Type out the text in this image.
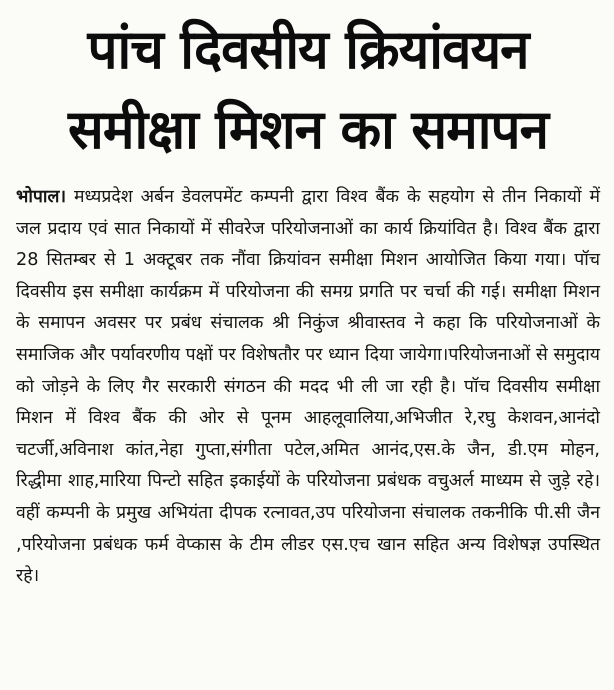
पांच दिवसीय क्रियांवयन
समीक्षा मिशन का समापन

भोपाल। मध्यप्रदेश अर्बन डेवलपमेंट कम्पनी द्वारा विश्व बैंक के सहयोग से तीन निकायों में जल प्रदाय एवं सात निकायों में सीवरेज परियोजनाओं का कार्य क्रियांवित है। विश्व बैंक द्वारा 28 सितम्बर से 1 अक्टूबर तक नौंवा क्रियांवन समीक्षा मिशन आयोजित किया गया। पॉच दिवसीय इस समीक्षा कार्यक्रम में परियोजना की समग्र प्रगति पर चर्चा की गई। समीक्षा मिशन के समापन अवसर पर प्रबंध संचालक श्री निकुंज श्रीवास्तव ने कहा कि परियोजनाओं के समाजिक और पर्यावरणीय पक्षों पर विशेषतौर पर ध्यान दिया जायेगा।परियोजनाओं से समुदाय को जोड़ने के लिए गैर सरकारी संगठन की मदद भी ली जा रही है। पॉच दिवसीय समीक्षा मिशन में विश्व बैंक की ओर से पूनम आहलूवालिया,अभिजीत रे,रघु केशवन,आनंदो चटर्जी,अविनाश कांत,नेहा गुप्ता,संगीता पटेल,अमित आनंद,एस.के जैन, डी.एम मोहन, रिद्धीमा शाह,मारिया पिन्टो सहित इकाईयों के परियोजना प्रबंधक वचुअर्ल माध्यम से जुड़े रहे। वहीं कम्पनी के प्रमुख अभियंता दीपक रत्नावत,उप परियोजना संचालक तकनीकि पी.सी जैन ,परियोजना प्रबंधक फर्म वेप्कास के टीम लीडर एस.एच खान सहित अन्य विशेषज्ञ उपस्थित रहे।
